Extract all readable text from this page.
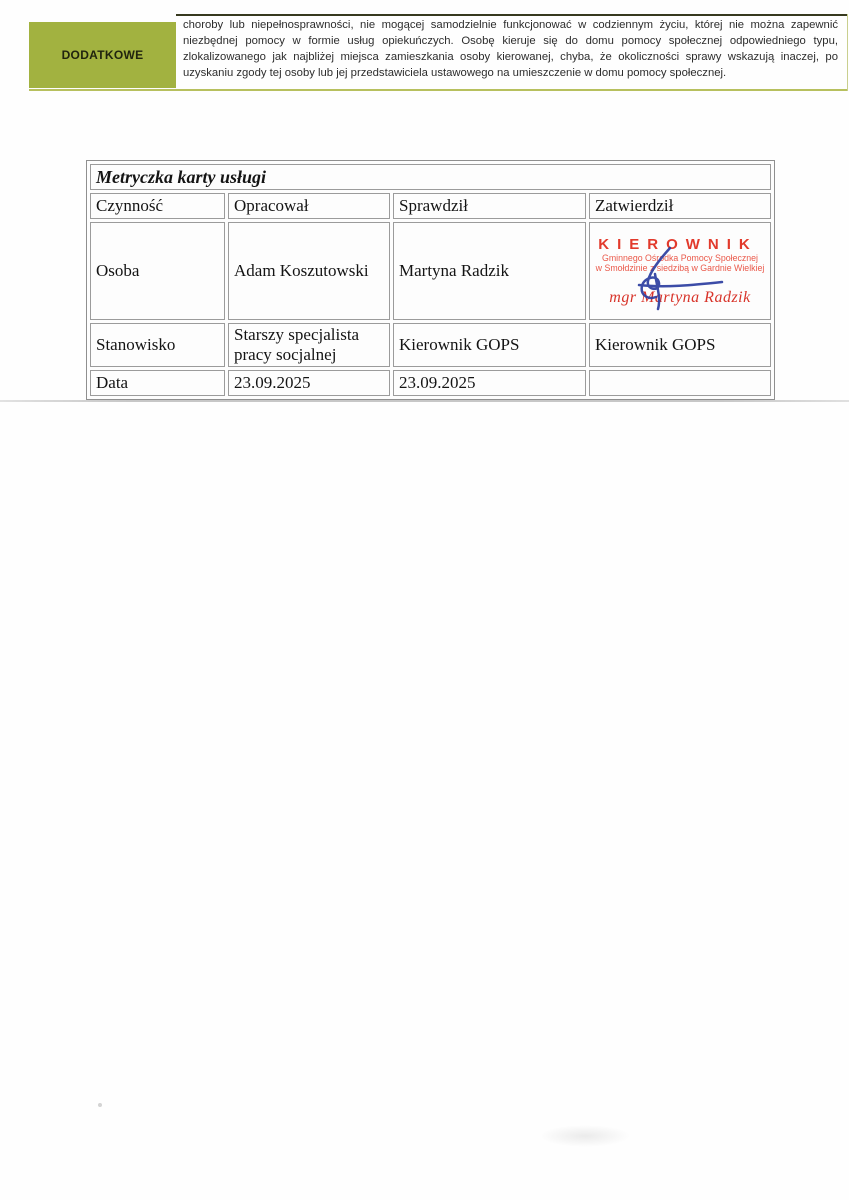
DODATKOWE
choroby lub niepełnosprawności, nie mogącej samodzielnie funkcjonować w codziennym życiu, której nie można zapewnić niezbędnej pomocy w formie usług opiekuńczych. Osobę kieruje się do domu pomocy społecznej odpowiedniego typu, zlokalizowanego jak najbliżej miejsca zamieszkania osoby kierowanej, chyba, że okoliczności sprawy wskazują inaczej, po uzyskaniu zgody tej osoby lub jej przedstawiciela ustawowego na umieszczenie w domu pomocy społecznej.
Metryczka karty usługi			
Czynność	Opracował	Sprawdził	Zatwierdził
Osoba	Adam Koszutowski	Martyna Radzik	KIEROWNIK
Gminnego Ośrodka Pomocy Społecznej
w Smołdzinie z siedzibą w Gardnie Wielkiej
mgr Martyna Radzik

Stanowisko	Starszy specjalista pracy socjalnej	Kierownik GOPS	Kierownik GOPS
Data	23.09.2025	23.09.2025	
